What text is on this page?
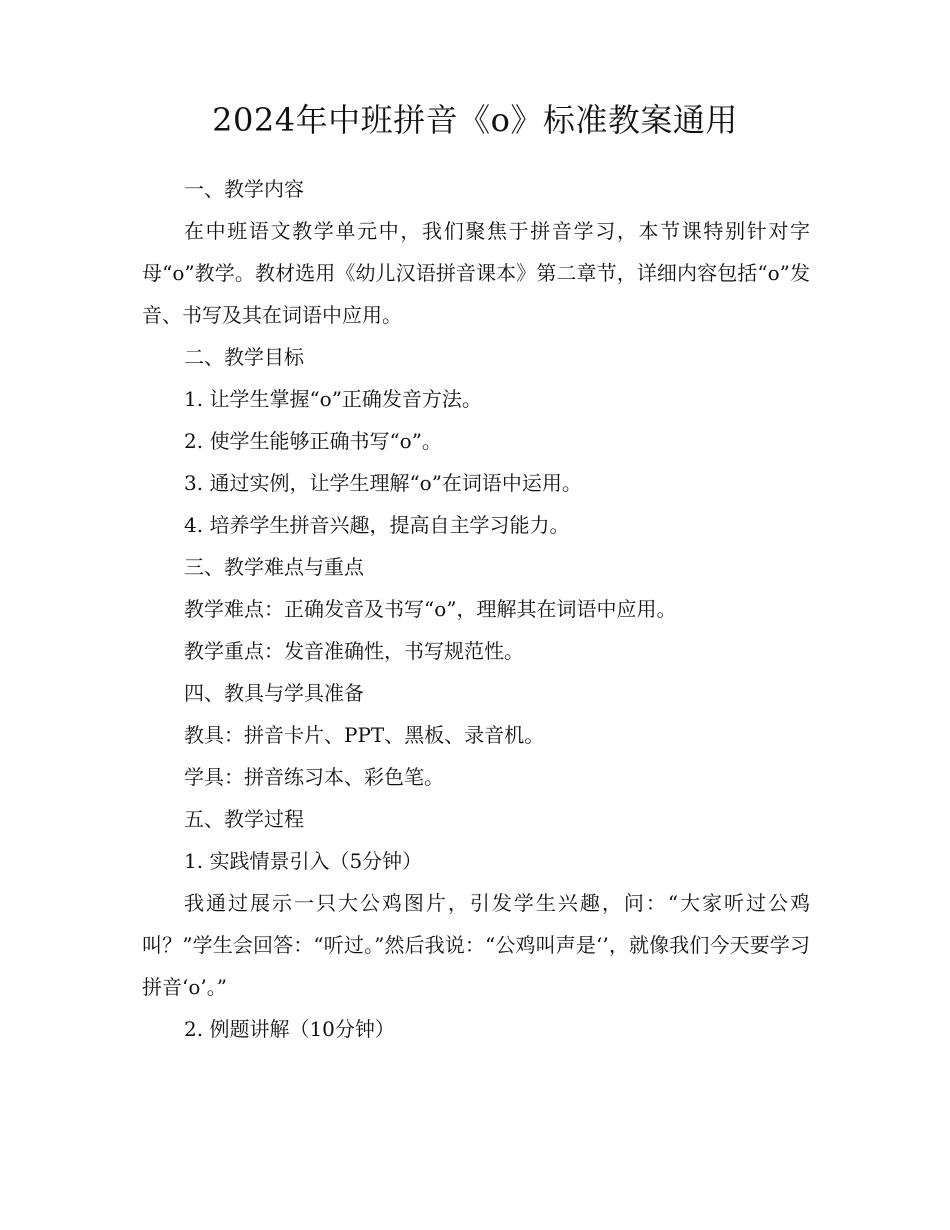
2024年中班拼音《o》标准教案通用

一、教学内容

在中班语文教学单元中，我们聚焦于拼音学习，本节课特别针对字母“o”教学。教材选用《幼儿汉语拼音课本》第二章节，详细内容包括“o”发音、书写及其在词语中应用。

二、教学目标

1. 让学生掌握“o”正确发音方法。

2. 使学生能够正确书写“o”。

3. 通过实例，让学生理解“o”在词语中运用。

4. 培养学生拼音兴趣，提高自主学习能力。

三、教学难点与重点

教学难点：正确发音及书写“o”，理解其在词语中应用。

教学重点：发音准确性，书写规范性。

四、教具与学具准备

教具：拼音卡片、PPT、黑板、录音机。

学具：拼音练习本、彩色笔。

五、教学过程

1. 实践情景引入（5分钟）

我通过展示一只大公鸡图片，引发学生兴趣，问：“大家听过公鸡叫？”学生会回答：“听过。”然后我说：“公鸡叫声是‘’，就像我们今天要学习拼音‘o’。”

2. 例题讲解（10分钟）
